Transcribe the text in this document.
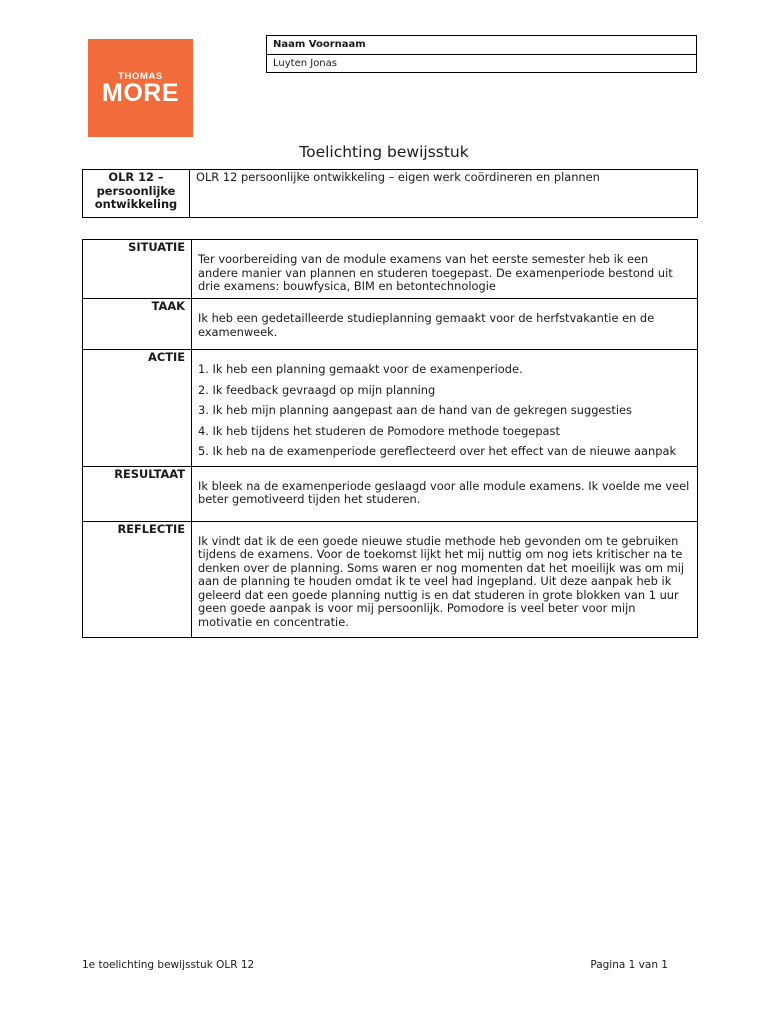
THOMAS
MORE
Naam Voornaam
Luyten Jonas
Toelichting bewijsstuk
OLR 12 – persoonlijke ontwikkeling	OLR 12 persoonlijke ontwikkeling – eigen werk coördineren en plannen
SITUATIE	Ter voorbereiding van de module examens van het eerste semester heb ik een andere manier van plannen en studeren toegepast. De examenperiode bestond uit drie examens: bouwfysica, BIM en betontechnologie
TAAK	Ik heb een gedetailleerde studieplanning gemaakt voor de herfstvakantie en de examenweek.
ACTIE	1. Ik heb een planning gemaakt voor de examenperiode.

2. Ik feedback gevraagd op mijn planning

3. Ik heb mijn planning aangepast aan de hand van de gekregen suggesties

4. Ik heb tijdens het studeren de Pomodore methode toegepast

5. Ik heb na de examenperiode gereflecteerd over het effect van de nieuwe aanpak

RESULTAAT	Ik bleek na de examenperiode geslaagd voor alle module examens. Ik voelde me veel beter gemotiveerd tijden het studeren.
REFLECTIE	Ik vindt dat ik de een goede nieuwe studie methode heb gevonden om te gebruiken tijdens de examens. Voor de toekomst lijkt het mij nuttig om nog iets kritischer na te denken over de planning. Soms waren er nog momenten dat het moeilijk was om mij aan de planning te houden omdat ik te veel had ingepland. Uit deze aanpak heb ik geleerd dat een goede planning nuttig is en dat studeren in grote blokken van 1 uur geen goede aanpak is voor mij persoonlijk. Pomodore is veel beter voor mijn motivatie en concentratie.
1e toelichting bewijsstuk OLR 12	Pagina 1 van 1
